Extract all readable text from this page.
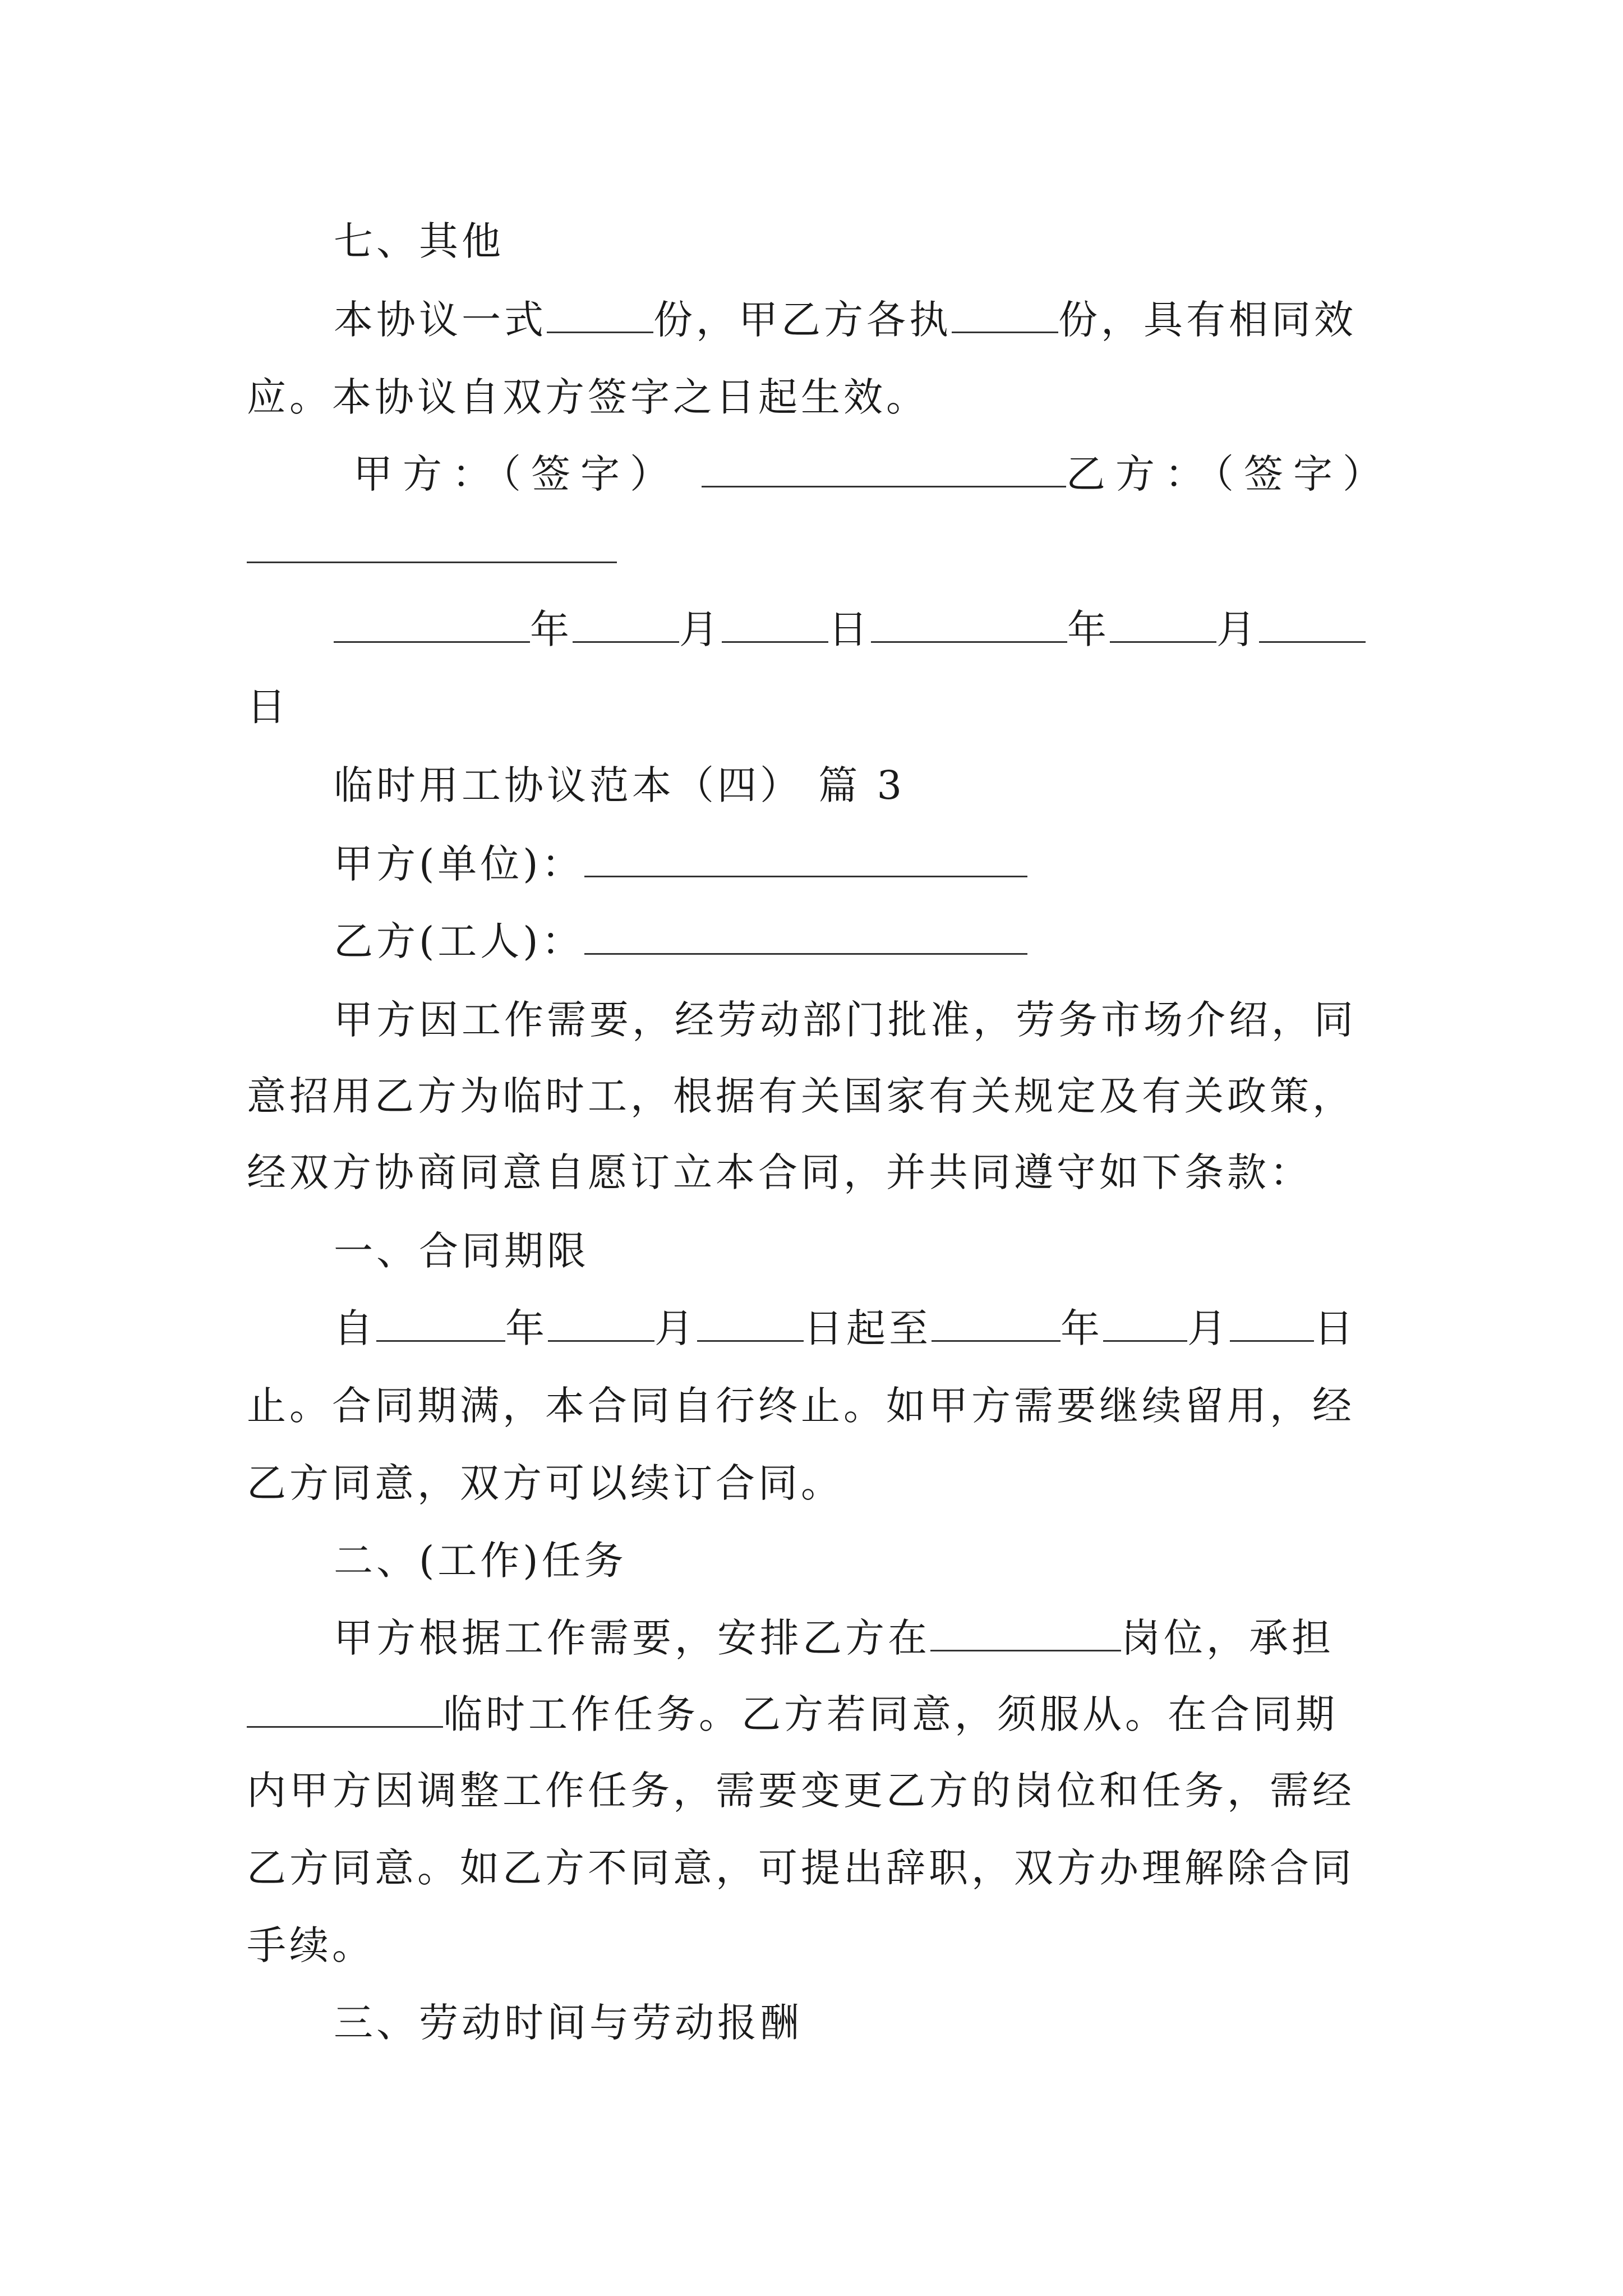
七、其他
本协议一式	份，甲乙方各执	份，具有相同效
应。本协议自双方签字之日起生效。
甲方：（签字）	乙方：（签字）
年	月	日	年	月
日
临时用工协议范本（四） 篇 3
甲方(单位)：
乙方(工人)：
甲方因工作需要，经劳动部门批准，劳务市场介绍，同
意招用乙方为临时工，根据有关国家有关规定及有关政策，
经双方协商同意自愿订立本合同，并共同遵守如下条款：
一、合同期限
自	年	月	日起至	年 月 日
止。合同期满，本合同自行终止。如甲方需要继续留用，经
乙方同意，双方可以续订合同。
二、(工作)任务
甲方根据工作需要，安排乙方在	岗位，承担
临时工作任务。乙方若同意，须服从。在合同期
内甲方因调整工作任务，需要变更乙方的岗位和任务，需经
乙方同意。如乙方不同意，可提出辞职，双方办理解除合同
手续。
三、劳动时间与劳动报酬
